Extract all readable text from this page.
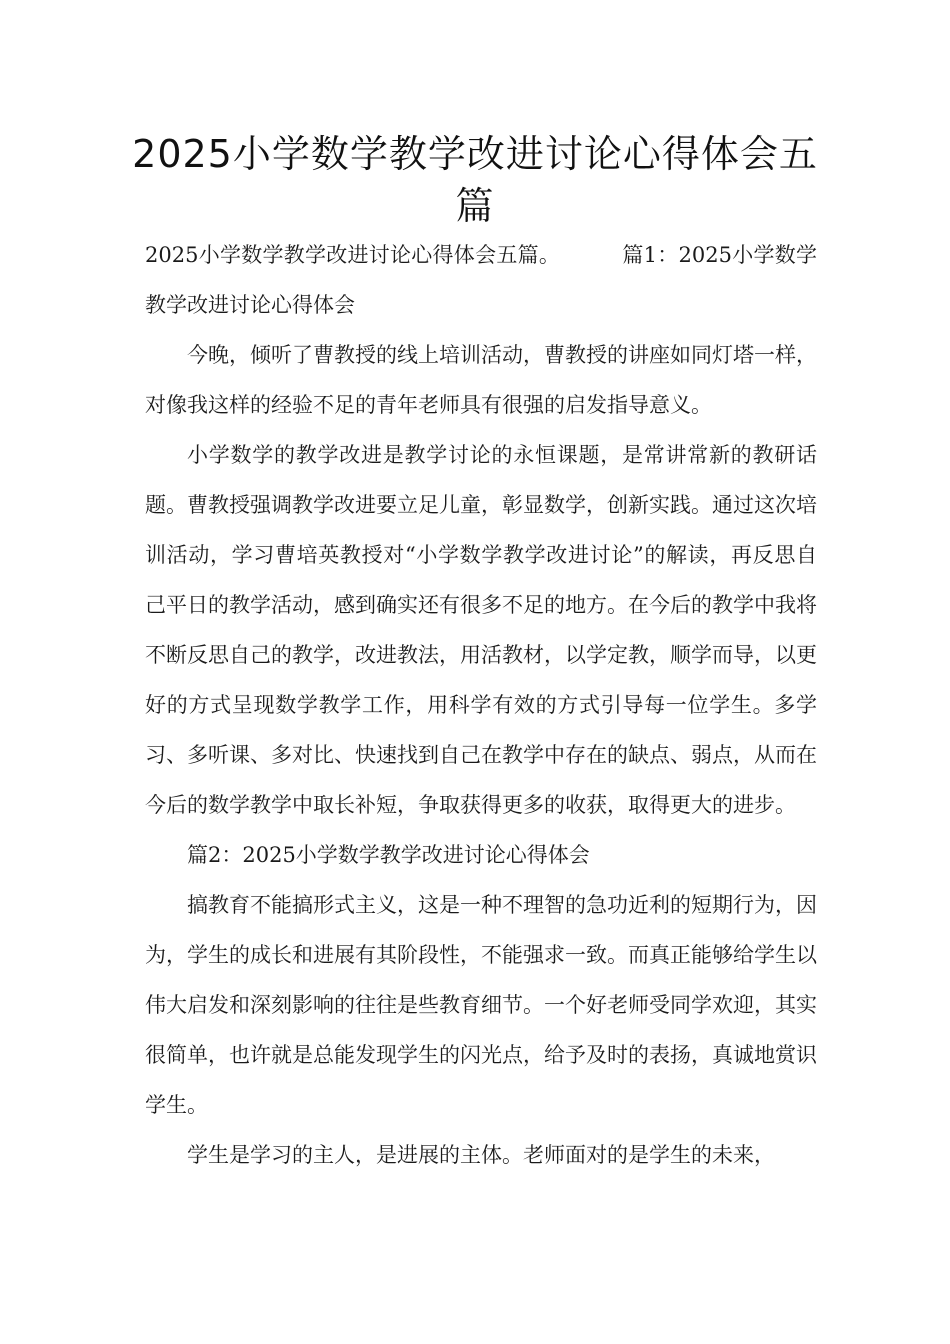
2025小学数学教学改进讨论心得体会五篇

2025小学数学教学改进讨论心得体会五篇。	篇1：2025小学数学教学改进讨论心得体会

今晚，倾听了曹教授的线上培训活动，曹教授的讲座如同灯塔一样，对像我这样的经验不足的青年老师具有很强的启发指导意义。

小学数学的教学改进是教学讨论的永恒课题，是常讲常新的教研话题。曹教授强调教学改进要立足儿童，彰显数学，创新实践。通过这次培训活动，学习曹培英教授对“小学数学教学改进讨论”的解读，再反思自己平日的教学活动，感到确实还有很多不足的地方。在今后的教学中我将不断反思自己的教学，改进教法，用活教材，以学定教，顺学而导，以更好的方式呈现数学教学工作，用科学有效的方式引导每一位学生。多学习、多听课、多对比、快速找到自己在教学中存在的缺点、弱点，从而在今后的数学教学中取长补短，争取获得更多的收获，取得更大的进步。

篇2：2025小学数学教学改进讨论心得体会

搞教育不能搞形式主义，这是一种不理智的急功近利的短期行为，因为，学生的成长和进展有其阶段性，不能强求一致。而真正能够给学生以伟大启发和深刻影响的往往是些教育细节。一个好老师受同学欢迎，其实很简单，也许就是总能发现学生的闪光点，给予及时的表扬，真诚地赏识学生。

学生是学习的主人，是进展的主体。老师面对的是学生的未来，
